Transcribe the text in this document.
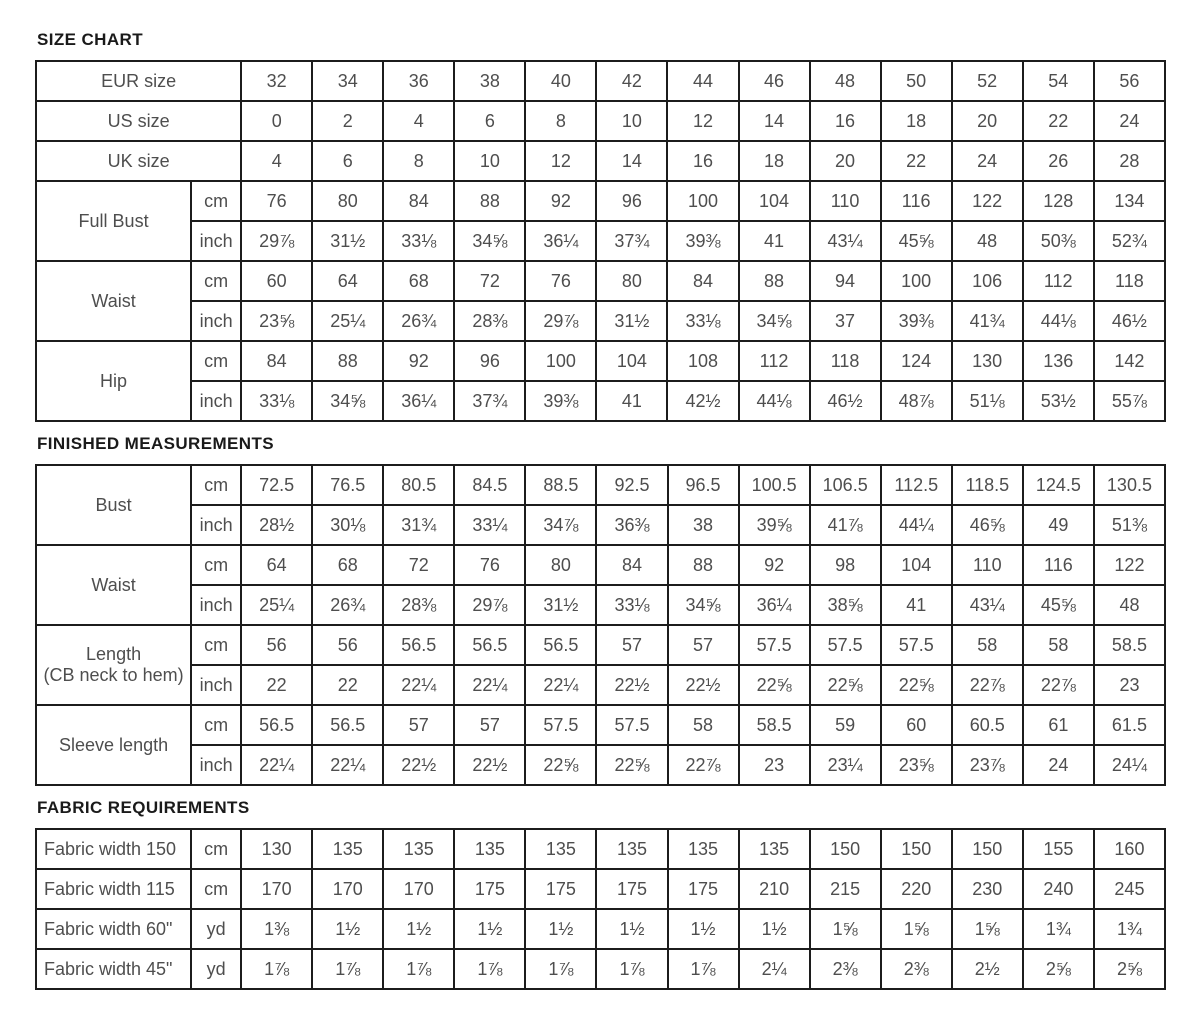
SIZE CHART
EUR size		32	34	36	38	40	42	44	46	48	50	52	54	56
US size		0	2	4	6	8	10	12	14	16	18	20	22	24
UK size		4	6	8	10	12	14	16	18	20	22	24	26	28
Full Bust	cm	76	80	84	88	92	96	100	104	110	116	122	128	134
	inch	29⅞	31½	33⅛	34⅝	36¼	37¾	39⅜	41	43¼	45⅝	48	50⅜	52¾
Waist	cm	60	64	68	72	76	80	84	88	94	100	106	112	118
	inch	23⅝	25¼	26¾	28⅜	29⅞	31½	33⅛	34⅝	37	39⅜	41¾	44⅛	46½
Hip	cm	84	88	92	96	100	104	108	112	118	124	130	136	142
	inch	33⅛	34⅝	36¼	37¾	39⅜	41	42½	44⅛	46½	48⅞	51⅛	53½	55⅞
FINISHED MEASUREMENTS
Bust	cm	72.5	76.5	80.5	84.5	88.5	92.5	96.5	100.5	106.5	112.5	118.5	124.5	130.5
	inch	28½	30⅛	31¾	33¼	34⅞	36⅜	38	39⅝	41⅞	44¼	46⅝	49	51⅜
Waist	cm	64	68	72	76	80	84	88	92	98	104	110	116	122
	inch	25¼	26¾	28⅜	29⅞	31½	33⅛	34⅝	36¼	38⅝	41	43¼	45⅝	48
Length
(CB neck to hem)	cm	56	56	56.5	56.5	56.5	57	57	57.5	57.5	57.5	58	58	58.5
	inch	22	22	22¼	22¼	22¼	22½	22½	22⅝	22⅝	22⅝	22⅞	22⅞	23
Sleeve length	cm	56.5	56.5	57	57	57.5	57.5	58	58.5	59	60	60.5	61	61.5
	inch	22¼	22¼	22½	22½	22⅝	22⅝	22⅞	23	23¼	23⅝	23⅞	24	24¼
FABRIC REQUIREMENTS
Fabric width 150	cm	130	135	135	135	135	135	135	135	150	150	150	155	160
Fabric width 115	cm	170	170	170	175	175	175	175	210	215	220	230	240	245
Fabric width 60"	yd	1⅜	1½	1½	1½	1½	1½	1½	1½	1⅝	1⅝	1⅝	1¾	1¾
Fabric width 45"	yd	1⅞	1⅞	1⅞	1⅞	1⅞	1⅞	1⅞	2¼	2⅜	2⅜	2½	2⅝	2⅝
